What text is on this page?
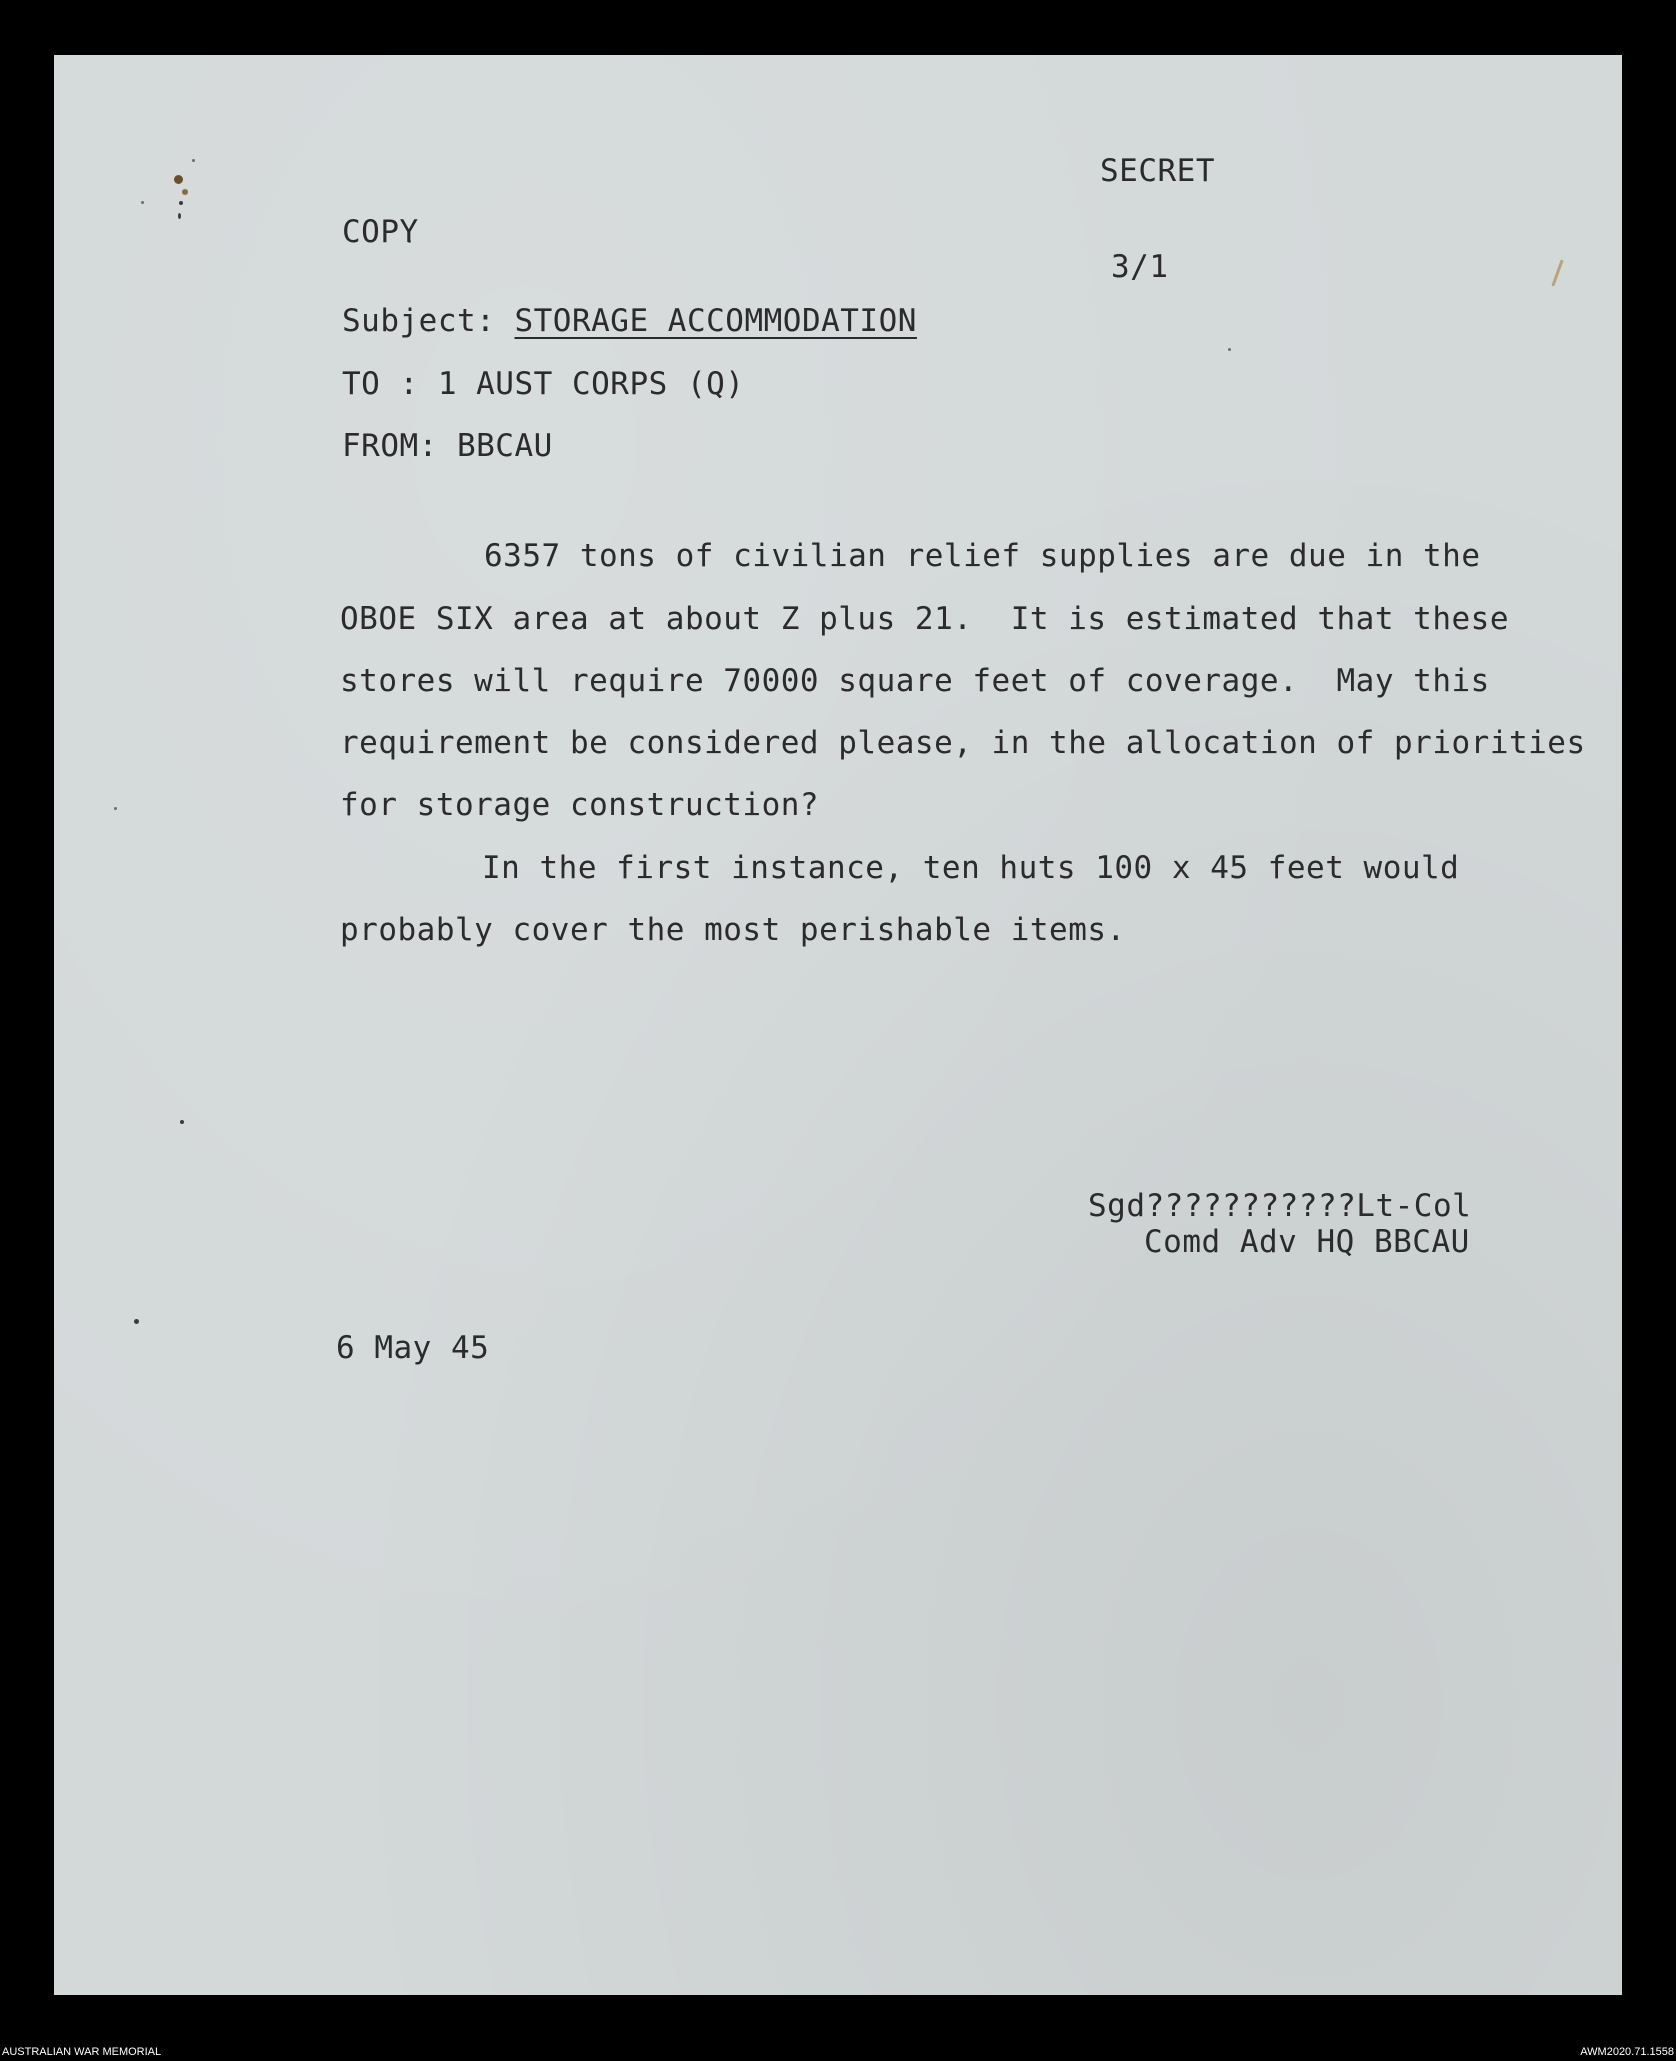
SECRET

COPY

3/1

Subject: STORAGE ACCOMMODATION

TO : 1 AUST CORPS (Q)

FROM: BBCAU

6357 tons of civilian relief supplies are due in the

OBOE SIX area at about Z plus 21.  It is estimated that these

stores will require 70000 square feet of coverage.  May this

requirement be considered please, in the allocation of priorities

for storage construction?

In the first instance, ten huts 100 x 45 feet would

probably cover the most perishable items.

Sgd???????????Lt-Col

Comd Adv HQ BBCAU

6 May 45

AUSTRALIAN WAR MEMORIAL	AWM2020.71.1558
